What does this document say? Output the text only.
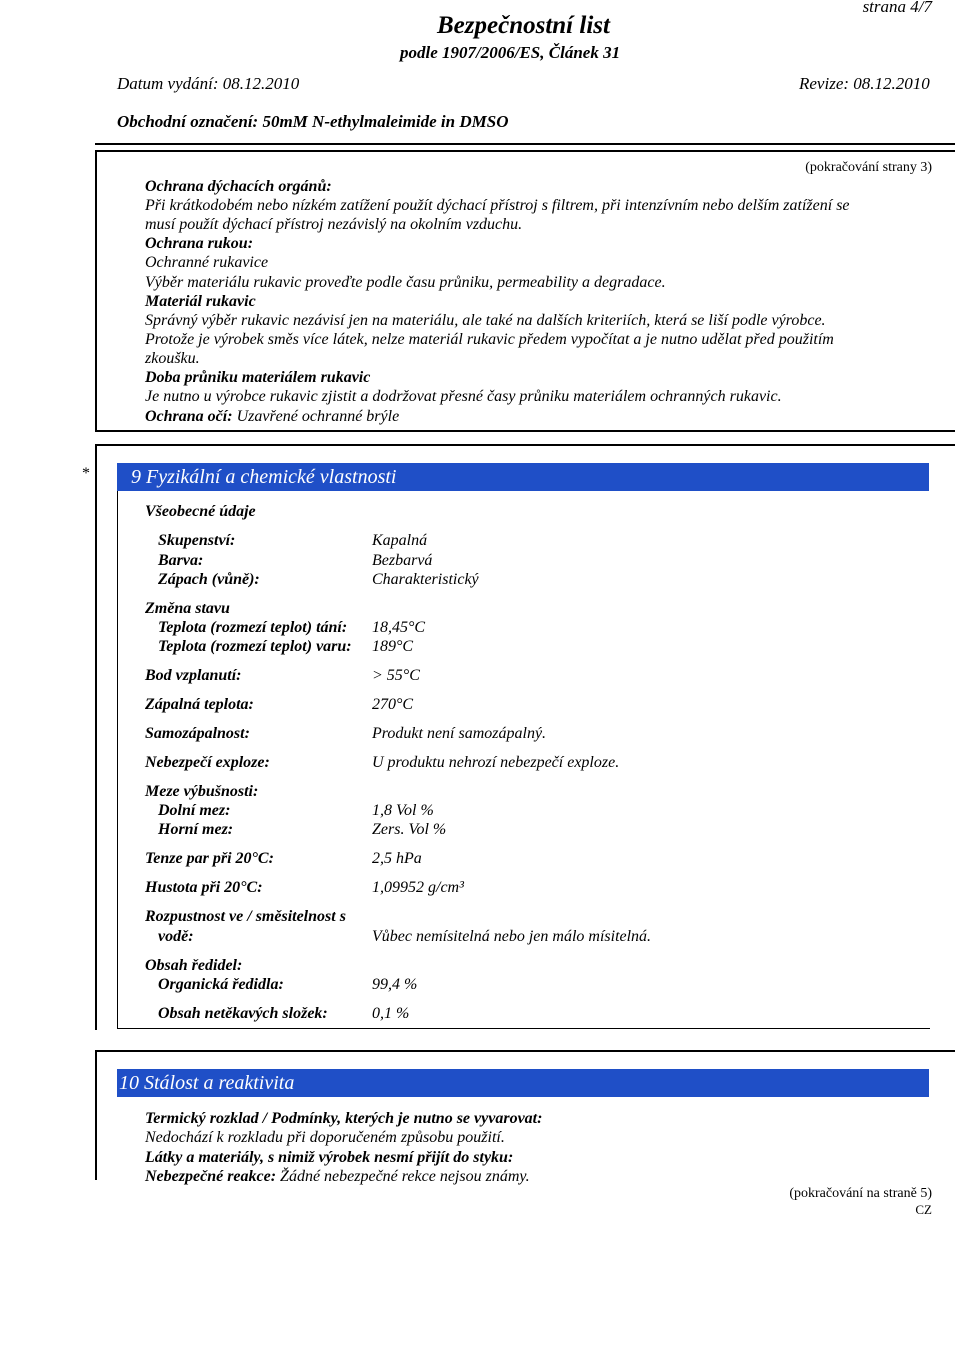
strana 4/7
Bezpečnostní list
podle 1907/2006/ES, Článek 31
Datum vydání: 08.12.2010	Revize: 08.12.2010
Obchodní označení: 50mM N-ethylmaleimide in DMSO
(pokračování strany 3)
Ochrana dýchacích orgánů:
Při krátkodobém nebo nízkém zatížení použít dýchací přístroj s filtrem, při intenzívním nebo delším zatížení se
musí použít dýchací přístroj nezávislý na okolním vzduchu.
Ochrana rukou:
Ochranné rukavice
Výběr materiálu rukavic proveďte podle času průniku, permeability a degradace.
Materiál rukavic
Správný výběr rukavic nezávisí jen na materiálu, ale také na dalších kriteriích, která se liší podle výrobce.
Protože je výrobek směs více látek, nelze materiál rukavic předem vypočítat a je nutno udělat před použitím
zkoušku.
Doba průniku materiálem rukavic
Je nutno u výrobce rukavic zjistit a dodržovat přesné časy průniku materiálem ochranných rukavic.
Ochrana očí: Uzavřené ochranné brýle
*	9 Fyzikální a chemické vlastnosti
Všeobecné údaje
Skupenství:	Kapalná
Barva:	Bezbarvá
Zápach (vůně):	Charakteristický
Změna stavu
Teplota (rozmezí teplot) tání: 18,45°C
Teplota (rozmezí teplot) varu: 189°C
Bod vzplanutí:	> 55°C
Zápalná teplota:	270°C
Samozápalnost:	Produkt není samozápalný.
Nebezpečí exploze:	U produktu nehrozí nebezpečí exploze.
Meze výbušnosti:
Dolní mez:	1,8 Vol %
Horní mez:	Zers. Vol %
Tenze par při 20°C:	2,5 hPa
Hustota při 20°C:	1,09952 g/cm³
Rozpustnost ve / směsitelnost s
vodě:	Vůbec nemísitelná nebo jen málo mísitelná.
Obsah ředidel:
Organická ředidla:	99,4 %
Obsah netěkavých složek:	0,1 %
10 Stálost a reaktivita
Termický rozklad / Podmínky, kterých je nutno se vyvarovat:
Nedochází k rozkladu při doporučeném způsobu použití.
Látky a materiály, s nimiž výrobek nesmí přijít do styku:
Nebezpečné reakce: Žádné nebezpečné rekce nejsou známy.
(pokračování na straně 5)
CZ
